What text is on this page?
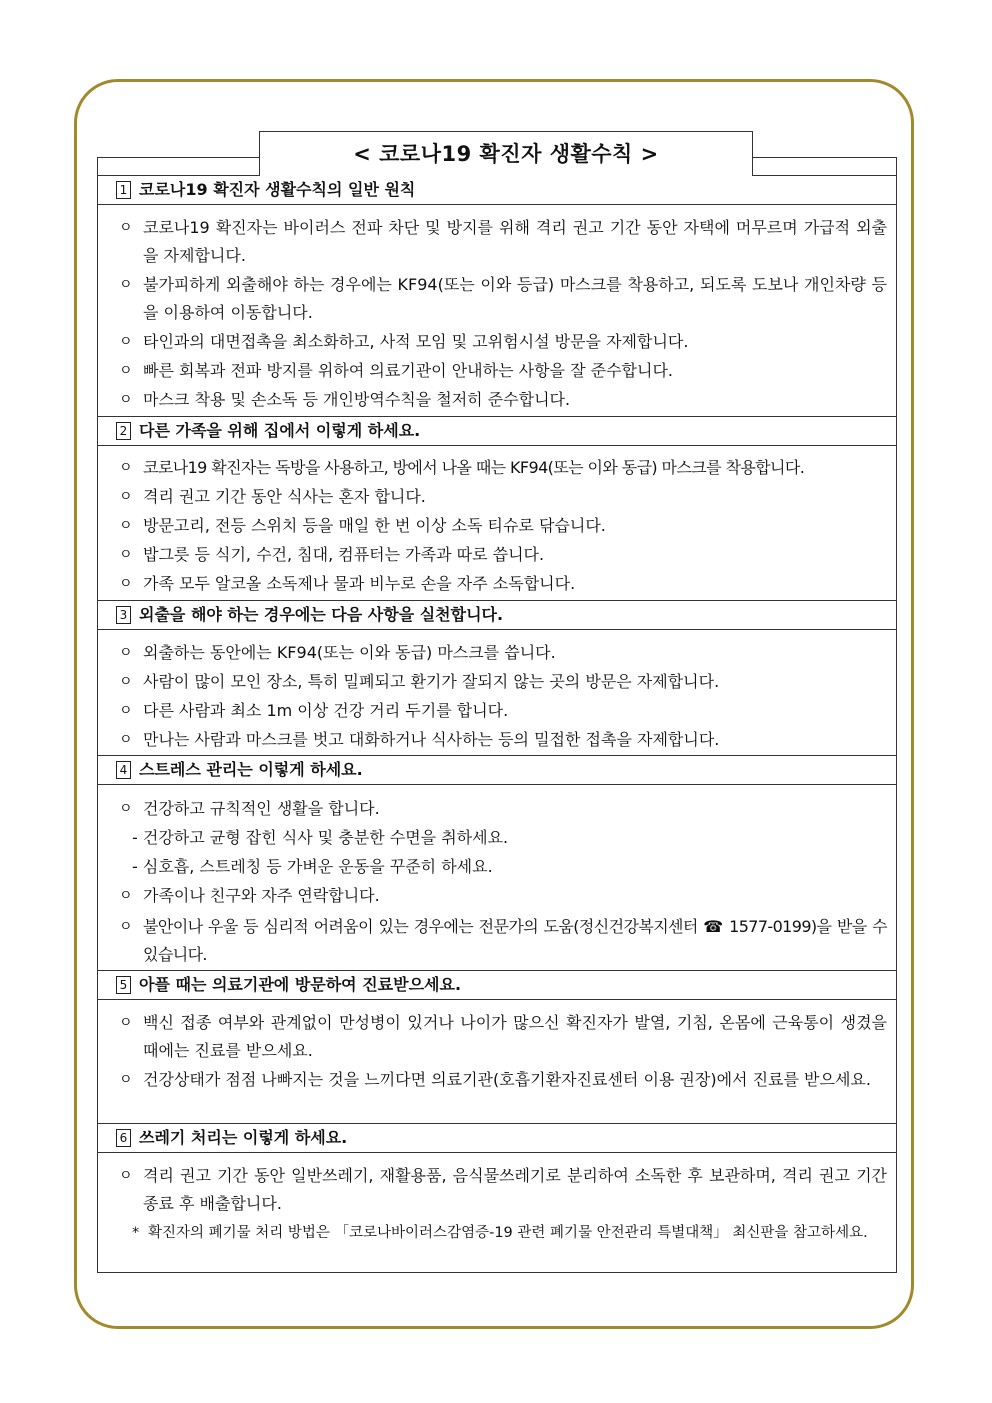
< 코로나19 확진자 생활수칙 >
1 코로나19 확진자 생활수칙의 일반 원칙
ㅇ 코로나19 확진자는 바이러스 전파 차단 및 방지를 위해 격리 권고 기간 동안 자택에 머무르며 가급적 외출을 자제합니다.
ㅇ 불가피하게 외출해야 하는 경우에는 KF94(또는 이와 등급) 마스크를 착용하고, 되도록 도보나 개인차량 등을 이용하여 이동합니다.
ㅇ 타인과의 대면접촉을 최소화하고, 사적 모임 및 고위험시설 방문을 자제합니다.
ㅇ 빠른 회복과 전파 방지를 위하여 의료기관이 안내하는 사항을 잘 준수합니다.
ㅇ 마스크 착용 및 손소독 등 개인방역수칙을 철저히 준수합니다.
2 다른 가족을 위해 집에서 이렇게 하세요.
ㅇ 코로나19 확진자는 독방을 사용하고, 방에서 나올 때는 KF94(또는 이와 동급) 마스크를 착용합니다.
ㅇ 격리 권고 기간 동안 식사는 혼자 합니다.
ㅇ 방문고리, 전등 스위치 등을 매일 한 번 이상 소독 티슈로 닦습니다.
ㅇ 밥그릇 등 식기, 수건, 침대, 컴퓨터는 가족과 따로 씁니다.
ㅇ 가족 모두 알코올 소독제나 물과 비누로 손을 자주 소독합니다.
3 외출을 해야 하는 경우에는 다음 사항을 실천합니다.
ㅇ 외출하는 동안에는 KF94(또는 이와 동급) 마스크를 씁니다.
ㅇ 사람이 많이 모인 장소, 특히 밀폐되고 환기가 잘되지 않는 곳의 방문은 자제합니다.
ㅇ 다른 사람과 최소 1m 이상 건강 거리 두기를 합니다.
ㅇ 만나는 사람과 마스크를 벗고 대화하거나 식사하는 등의 밀접한 접촉을 자제합니다.
4 스트레스 관리는 이렇게 하세요.
ㅇ 건강하고 규칙적인 생활을 합니다.
- 건강하고 균형 잡힌 식사 및 충분한 수면을 취하세요.
- 심호흡, 스트레칭 등 가벼운 운동을 꾸준히 하세요.
ㅇ 가족이나 친구와 자주 연락합니다.
ㅇ 불안이나 우울 등 심리적 어려움이 있는 경우에는 전문가의 도움(정신건강복지센터 ☎ 1577-0199)을 받을 수 있습니다.
5 아플 때는 의료기관에 방문하여 진료받으세요.
ㅇ 백신 접종 여부와 관계없이 만성병이 있거나 나이가 많으신 확진자가 발열, 기침, 온몸에 근육통이 생겼을 때에는 진료를 받으세요.
ㅇ 건강상태가 점점 나빠지는 것을 느끼다면 의료기관(호흡기환자진료센터 이용 권장)에서 진료를 받으세요.
6 쓰레기 처리는 이렇게 하세요.
ㅇ 격리 권고 기간 동안 일반쓰레기, 재활용품, 음식물쓰레기로 분리하여 소독한 후 보관하며, 격리 권고 기간 종료 후 배출합니다.
* 확진자의 폐기물 처리 방법은 「코로나바이러스감염증-19 관련 폐기물 안전관리 특별대책」 최신판을 참고하세요.
